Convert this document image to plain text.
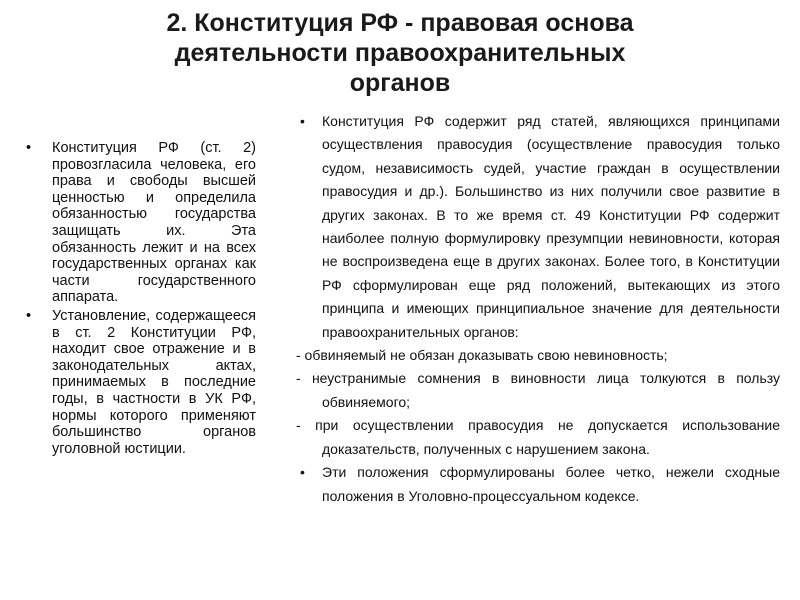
2. Конституция РФ - правовая основа
деятельности правоохранительных
органов

• Конституция РФ (ст. 2) провозгласила человека, его права и свободы высшей ценностью и определила обязанностью государства защищать их. Эта обязанность лежит и на всех государственных органах как части государственного аппарата.

• Установление, содержащееся в ст. 2 Конституции РФ, находит свое отражение и в законодательных актах, принимаемых в последние годы, в частности в УК РФ, нормы которого применяют большинство органов уголовной юстиции.

• Конституция РФ содержит ряд статей, являющихся принципами осуществления правосудия (осуществление правосудия только судом, независимость судей, участие граждан в осуществлении правосудия и др.). Большинство из них получили свое развитие в других законах. В то же время ст. 49 Конституции РФ содержит наиболее полную формулировку презумпции невиновности, которая не воспроизведена еще в других законах. Более того, в Конституции РФ сформулирован еще ряд положений, вытекающих из этого принципа и имеющих принципиальное значение для деятельности правоохранительных органов:

- обвиняемый не обязан доказывать свою невиновность;

- неустранимые сомнения в виновности лица толкуются в пользу обвиняемого;

- при осуществлении правосудия не допускается использование доказательств, полученных с нарушением закона.

• Эти положения сформулированы более четко, нежели сходные положения в Уголовно-процессуальном кодексе.
